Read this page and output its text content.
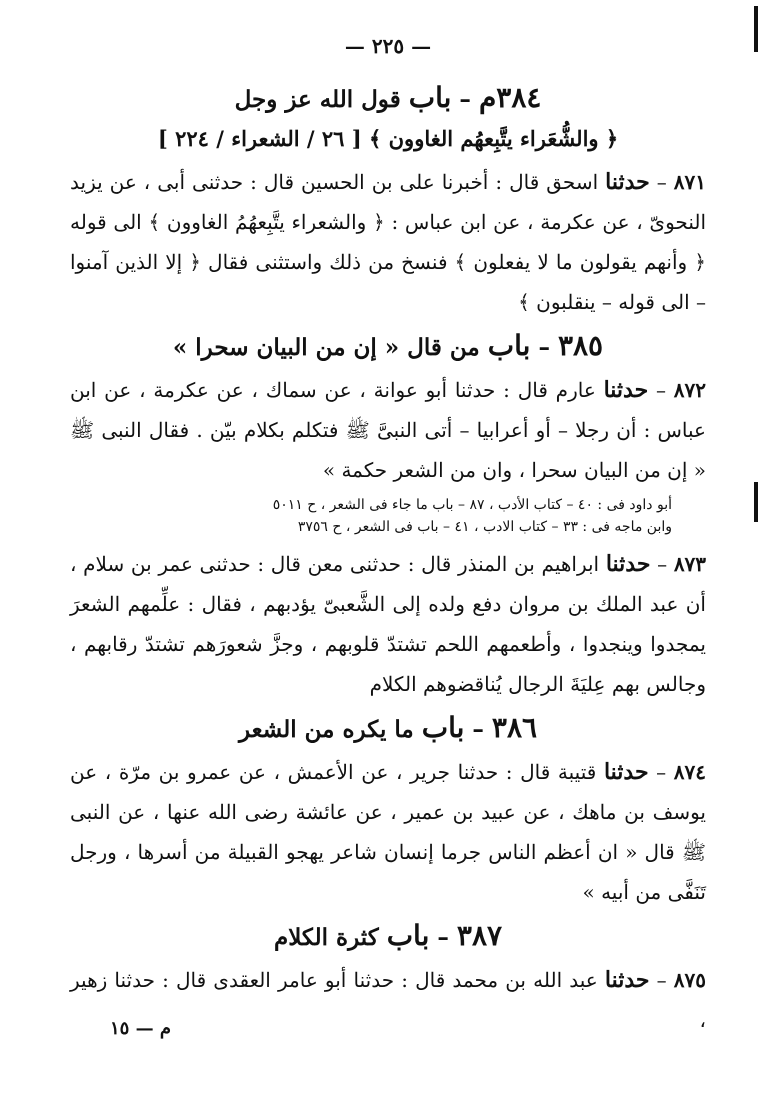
— ٢٢٥ —
٣٨٤م – باب قول الله عز وجل
﴿ والشُّعَراء يتَّبِعهُم الغاوون ﴾ [ ٢٦ / الشعراء / ٢٢٤ ]

٨٧١ – حدثنا اسحق قال : أخبرنا على بن الحسين قال : حدثنى أبى ، عن يزيد النحوىّ ، عن عكرمة ، عن ابن عباس : ﴿ والشعراء يتَّبِعهُمُ الغاوون ﴾ الى قوله ﴿ وأنهم يقولون ما لا يفعلون ﴾ فنسخ من ذلك واستثنى فقال ﴿ إلا الذين آمنوا – الى قوله – ينقلبون ﴾

٣٨٥ – باب من قال « إن من البيان سحرا »

٨٧٢ – حدثنا عارم قال : حدثنا أبو عوانة ، عن سماك ، عن عكرمة ، عن ابن عباس : أن رجلا – أو أعرابيا – أتى النبىَّ ﷺ فتكلم بكلام بيّن . فقال النبى ﷺ « إن من البيان سحرا ، وان من الشعر حكمة »

أبو داود فى : ٤٠ – كتاب الأدب ، ٨٧ – باب ما جاء فى الشعر ، ح ٥٠١١
وابن ماجه فى : ٣٣ – كتاب الادب ، ٤١ – باب فى الشعر ، ح ٣٧٥٦

٨٧٣ – حدثنا ابراهيم بن المنذر قال : حدثنى معن قال : حدثنى عمر بن سلام ، أن عبد الملك بن مروان دفع ولده إلى الشَّعبىّ يؤدبهم ، فقال : علِّمهم الشعرَ يمجدوا وينجدوا ، وأطعمهم اللحم تشتدّ قلوبهم ، وجزَّ شعورَهم تشتدّ رقابهم ، وجالس بهم عِليَةَ الرجال يُناقضوهم الكلام

٣٨٦ – باب ما يكره من الشعر

٨٧٤ – حدثنا قتيبة قال : حدثنا جرير ، عن الأعمش ، عن عمرو بن مرّة ، عن يوسف بن ماهك ، عن عبيد بن عمير ، عن عائشة رضى الله عنها ، عن النبى ﷺ قال « ان أعظم الناس جرما إنسان شاعر يهجو القبيلة من أسرها ، ورجل تَنَفَّى من أبيه »

٣٨٧ – باب كثرة الكلام

٨٧٥ – حدثنا عبد الله بن محمد قال : حدثنا أبو عامر العقدى قال : حدثنا زهير ،

م — ١٥
